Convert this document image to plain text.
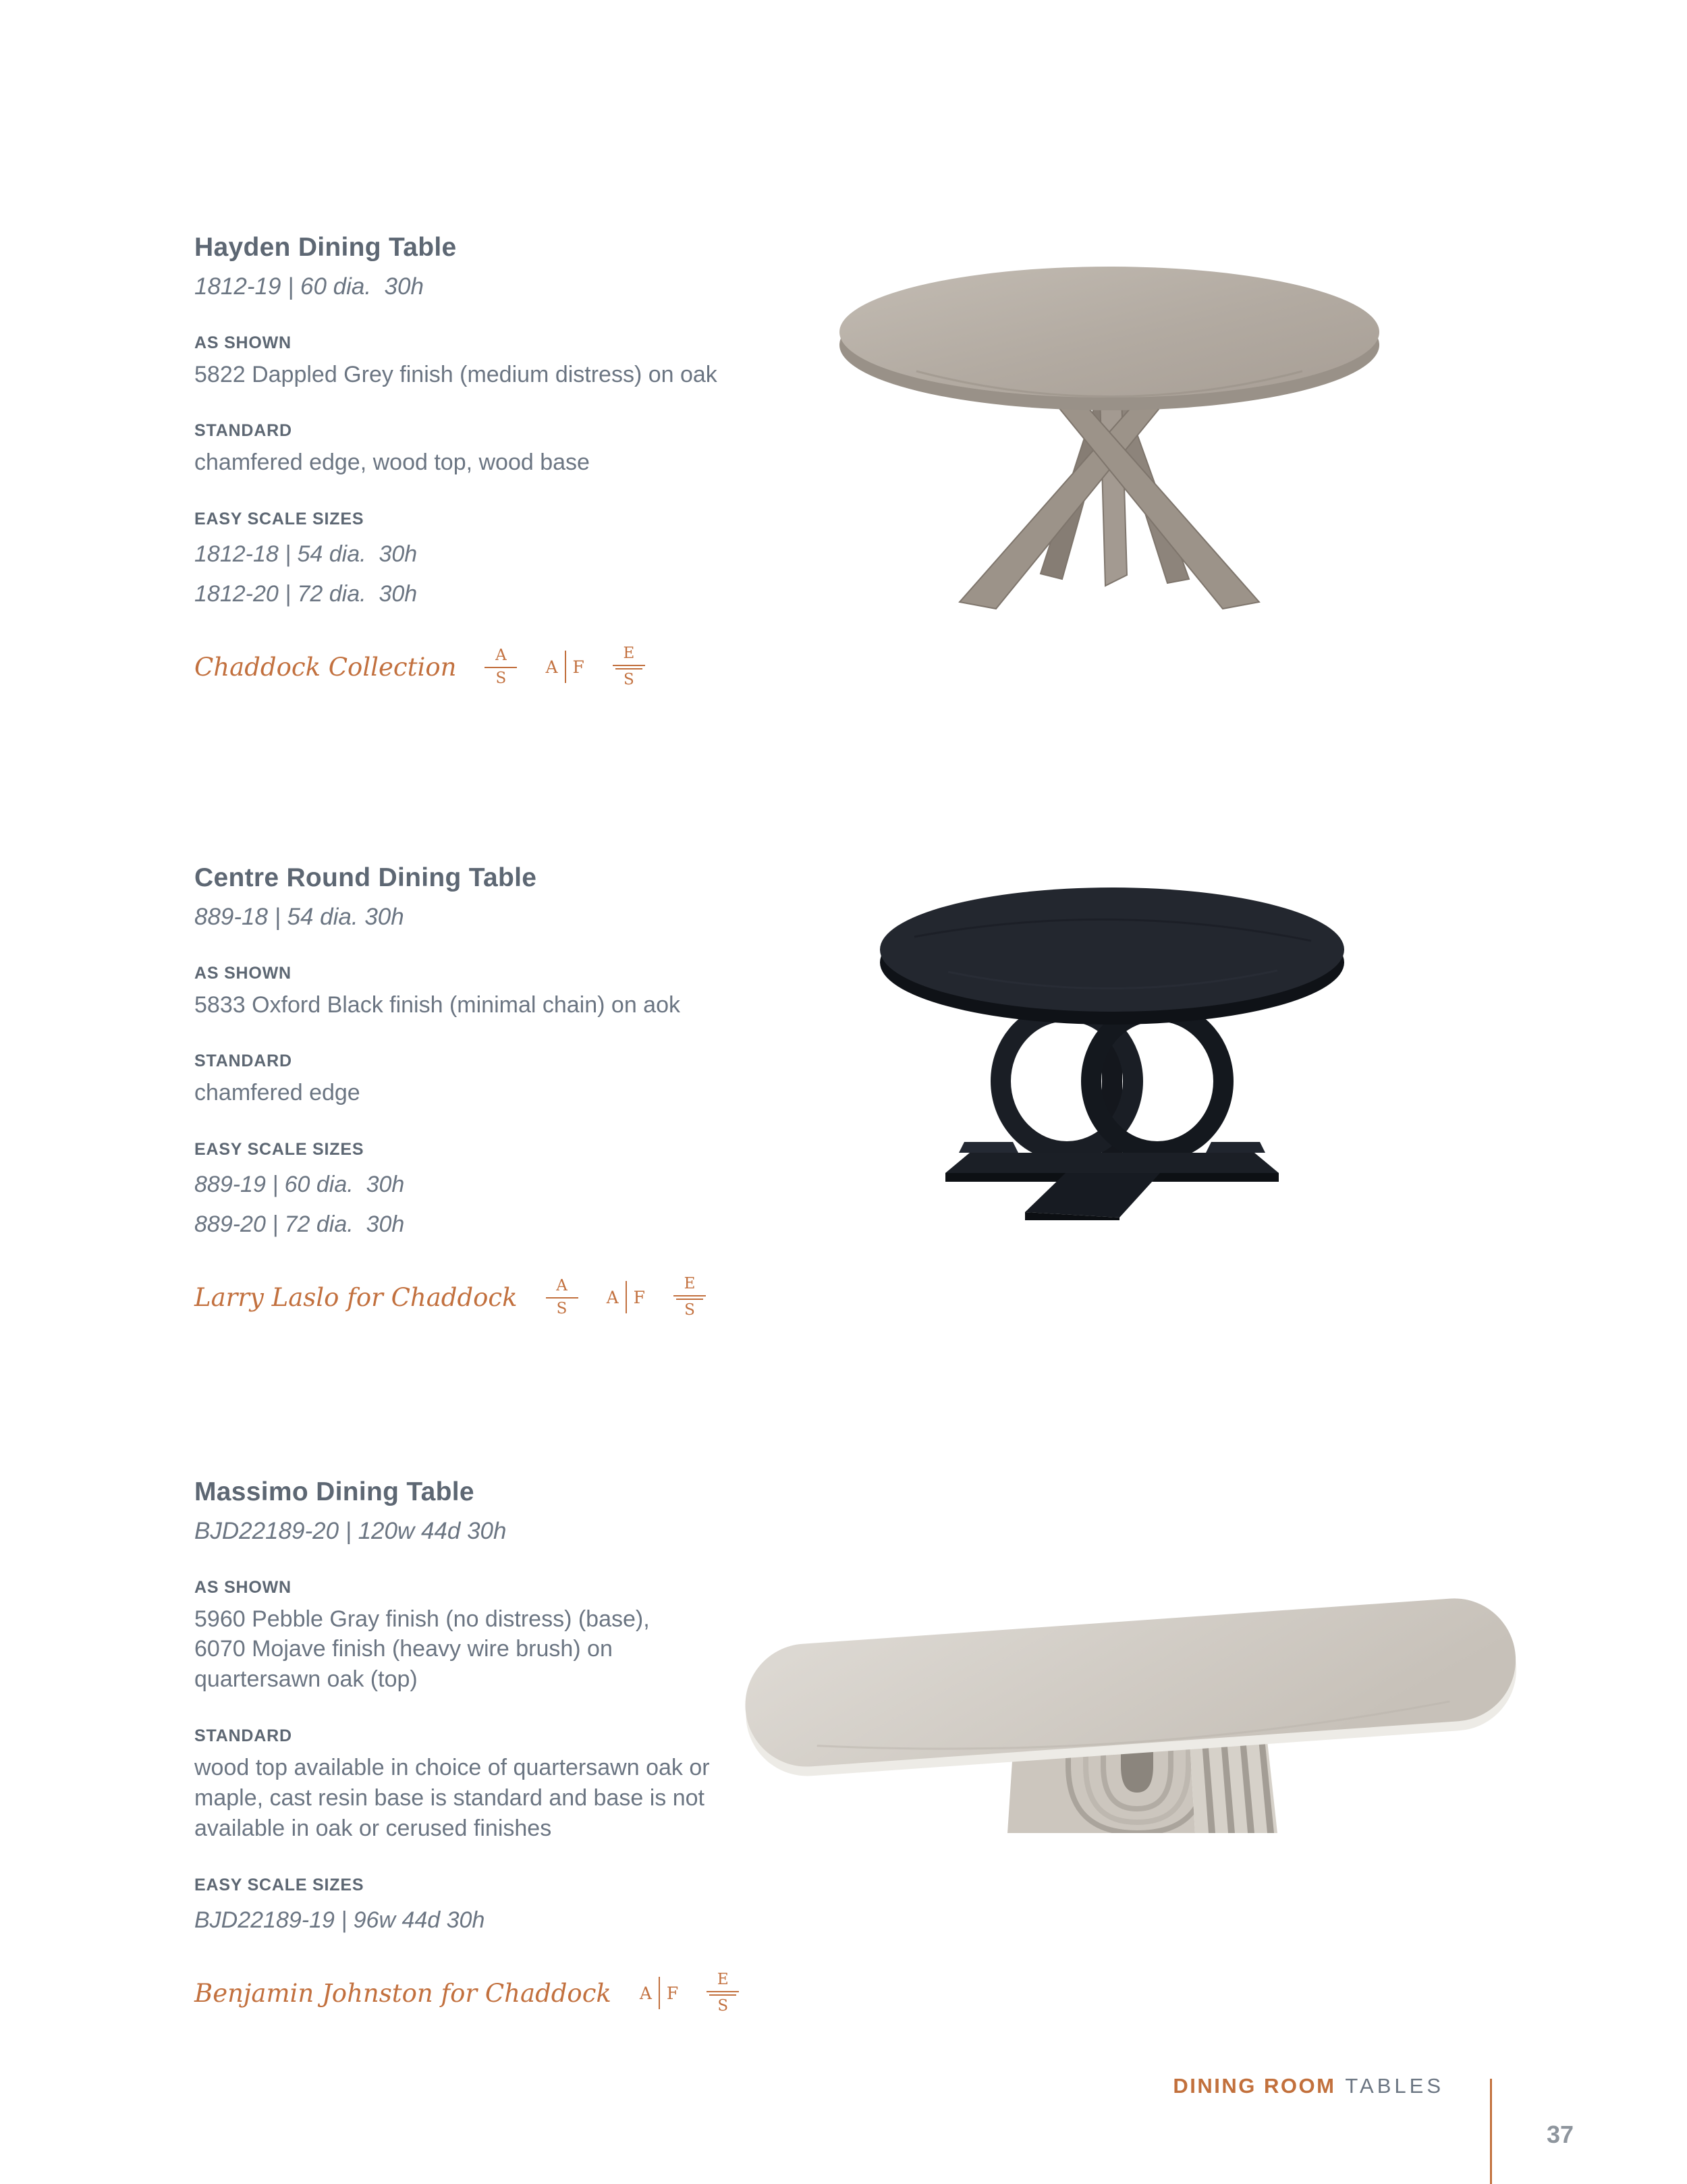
Hayden Dining Table
1812-19 | 60 dia.  30h
AS SHOWN
5822 Dappled Grey finish (medium distress) on oak
STANDARD
chamfered edge, wood top, wood base
EASY SCALE SIZES
1812-18 | 54 dia.  30h
1812-20 | 72 dia.  30h
Chaddock Collection $\frac{A}{S}$ A F $\frac{E}{S}$
Centre Round Dining Table
889-18 | 54 dia. 30h
AS SHOWN
5833 Oxford Black finish (minimal chain) on aok
STANDARD
chamfered edge
EASY SCALE SIZES
889-19 | 60 dia.  30h
889-20 | 72 dia.  30h
Larry Laslo for Chaddock $\frac{A}{S}$ A F $\frac{E}{S}$
Massimo Dining Table
BJD22189-20 | 120w 44d 30h
AS SHOWN
5960 Pebble Gray finish (no distress) (base),
6070 Mojave finish (heavy wire brush) on
quartersawn oak (top)
STANDARD
wood top available in choice of quartersawn oak or
maple, cast resin base is standard and base is not
available in oak or cerused finishes
EASY SCALE SIZES
BJD22189-19 | 96w 44d 30h
Benjamin Johnston for Chaddock A F $\frac{E}{S}$
DINING ROOM TABLES
37
